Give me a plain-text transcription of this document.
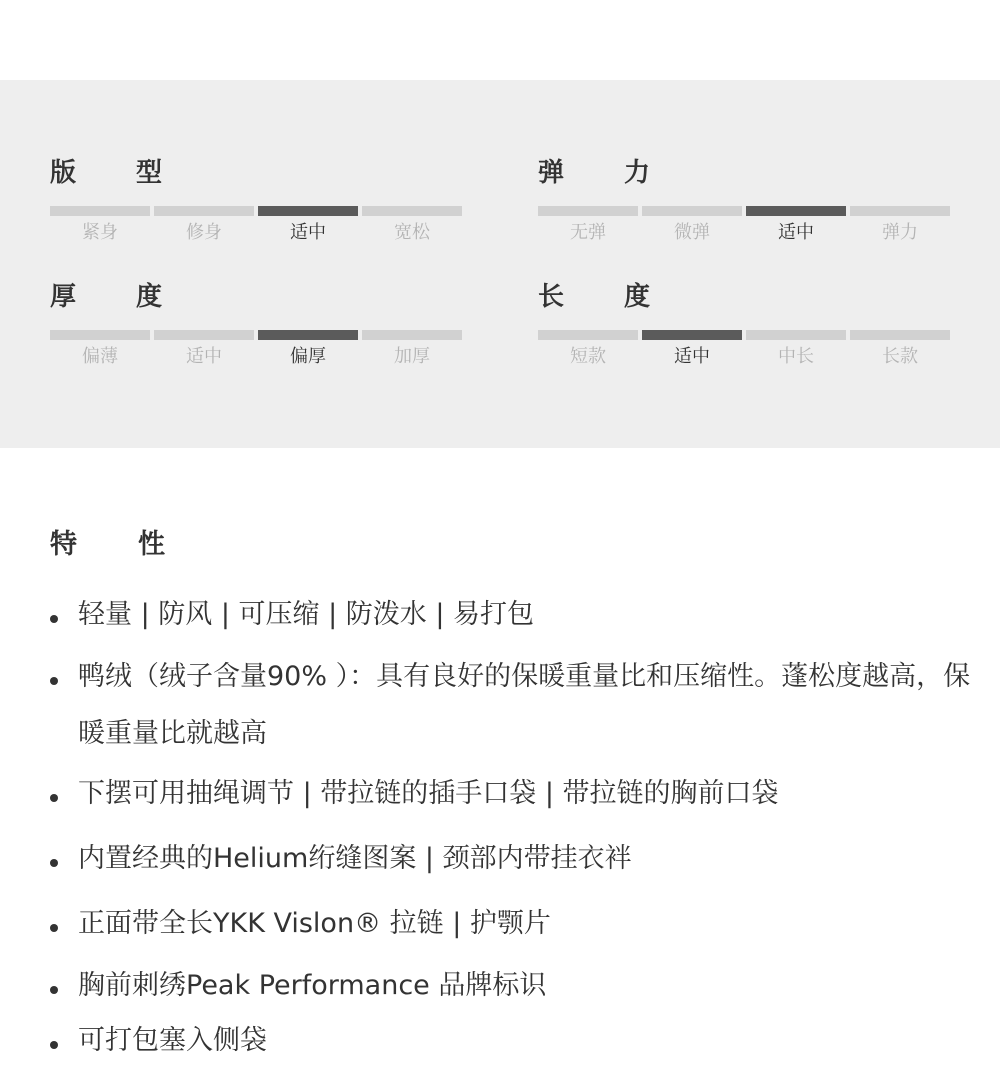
版	型
紧身	修身	适中	宽松
弹	力
无弹	微弹	适中	弹力
厚	度
偏薄	适中	偏厚	加厚
长	度
短款	适中	中长	长款
特 性
轻量 | 防风 | 可压缩 | 防泼水 | 易打包
鸭绒（绒子含量90% ）：具有良好的保暖重量比和压缩性。蓬松度越高，保暖重量比就越高
下摆可用抽绳调节 | 带拉链的插手口袋 | 带拉链的胸前口袋
内置经典的Helium绗缝图案 | 颈部内带挂衣袢
正面带全长YKK Vislon® 拉链 | 护颚片
胸前刺绣Peak Performance 品牌标识
可打包塞入侧袋
